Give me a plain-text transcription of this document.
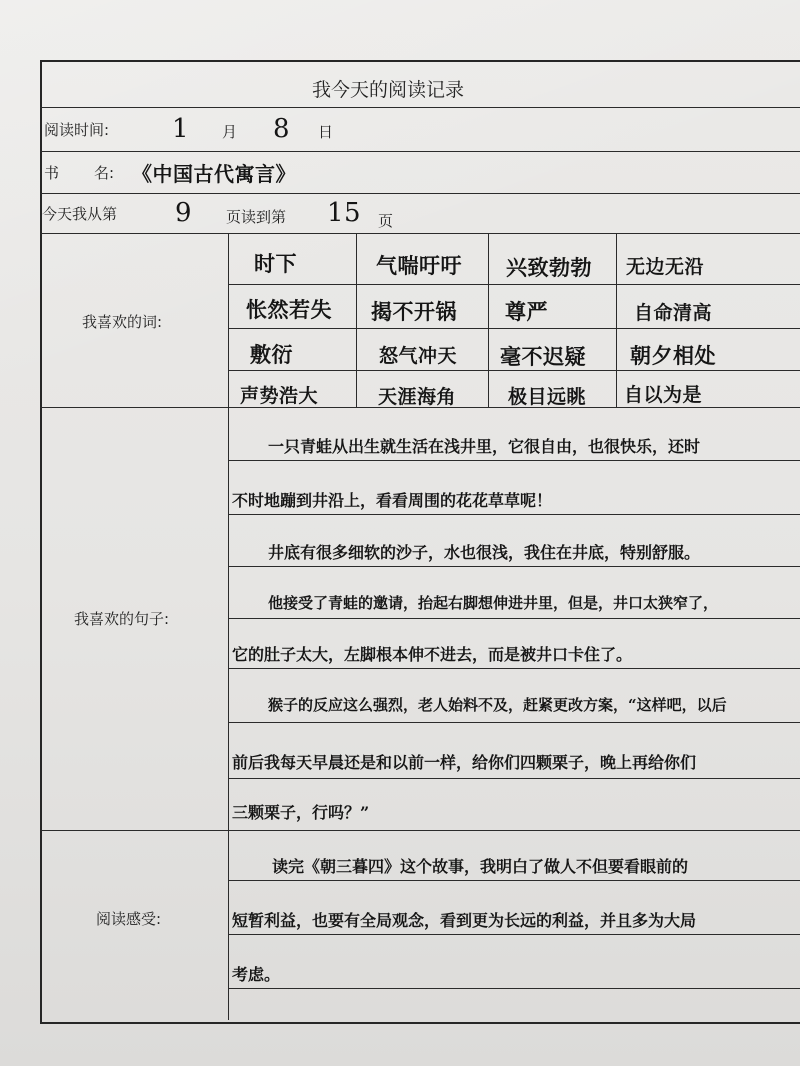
我今天的阅读记录
阅读时间: 1 月 8 日
书 名: 《中国古代寓言》
今天我从第 9 页读到第 15 页
我喜欢的词:
时下	气喘吁吁 兴致勃勃 无边无沿
怅然若失 揭不开锅 尊严	自命清高
敷衍	怒气冲天 毫不迟疑 朝夕相处
声势浩大	天涯海角	极目远眺 自以为是
我喜欢的句子:
一只青蛙从出生就生活在浅井里，它很自由，也很快乐，还时
不时地蹦到井沿上，看看周围的花花草草呢！
井底有很多细软的沙子，水也很浅，我住在井底，特别舒服。
他接受了青蛙的邀请，抬起右脚想伸进井里，但是，井口太狭窄了，
它的肚子太大，左脚根本伸不进去，而是被井口卡住了。
猴子的反应这么强烈，老人始料不及，赶紧更改方案，“这样吧，以后
前后我每天早晨还是和以前一样，给你们四颗栗子，晚上再给你们
三颗栗子，行吗？”
阅读感受:
读完《朝三暮四》这个故事，我明白了做人不但要看眼前的
短暂利益，也要有全局观念，看到更为长远的利益，并且多为大局
考虑。
